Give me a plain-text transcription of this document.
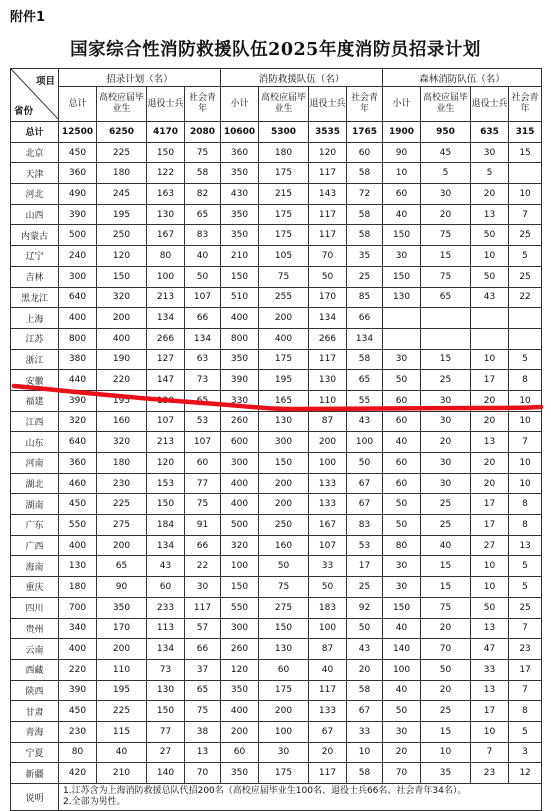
附件1
国家综合性消防救援队伍2025年度消防员招录计划
项目
省份	招录计划（名）				消防救援队伍（名）				森林消防队伍（名）			
	总计	高校应届毕业生	退役士兵	社会青年	小计	高校应届毕业生	退役士兵	社会青年	小计	高校应届毕业生	退役士兵	社会青年
总计	12500	6250	4170	2080	10600	5300	3535	1765	1900	950	635	315
北京	450	225	150	75	360	180	120	60	90	45	30	15
天津	360	180	122	58	350	175	117	58	10	5	5	
河北	490	245	163	82	430	215	143	72	60	30	20	10
山西	390	195	130	65	350	175	117	58	40	20	13	7
内蒙古	500	250	167	83	350	175	117	58	150	75	50	25
辽宁	240	120	80	40	210	105	70	35	30	15	10	5
吉林	300	150	100	50	150	75	50	25	150	75	50	25
黑龙江	640	320	213	107	510	255	170	85	130	65	43	22
上海	400	200	134	66	400	200	134	66				
江苏	800	400	266	134	800	400	266	134				
浙江	380	190	127	63	350	175	117	58	30	15	10	5
安徽	440	220	147	73	390	195	130	65	50	25	17	8
福建	390	195	130	65	330	165	110	55	60	30	20	10
江西	320	160	107	53	260	130	87	43	60	30	20	10
山东	640	320	213	107	600	300	200	100	40	20	13	7
河南	360	180	120	60	300	150	100	50	60	30	20	10
湖北	460	230	153	77	400	200	133	67	60	30	20	10
湖南	450	225	150	75	400	200	133	67	50	25	17	8
广东	550	275	184	91	500	250	167	83	50	25	17	8
广西	400	200	134	66	320	160	107	53	80	40	27	13
海南	130	65	43	22	100	50	33	17	30	15	10	5
重庆	180	90	60	30	150	75	50	25	30	15	10	5
四川	700	350	233	117	550	275	183	92	150	75	50	25
贵州	340	170	113	57	300	150	100	50	40	20	13	7
云南	400	200	134	66	260	130	87	43	140	70	47	23
西藏	220	110	73	37	120	60	40	20	100	50	33	17
陕西	390	195	130	65	350	175	117	58	40	20	13	7
甘肃	450	225	150	75	400	200	133	67	50	25	17	8
青海	230	115	77	38	200	100	67	33	30	15	10	5
宁夏	80	40	27	13	60	30	20	10	20	10	7	3
新疆	420	210	140	70	350	175	117	58	70	35	23	12
说明	1.江苏含为上海消防救援总队代招200名（高校应届毕业生100名、退役士兵66名、社会青年34名）。
2.全部为男性。											
